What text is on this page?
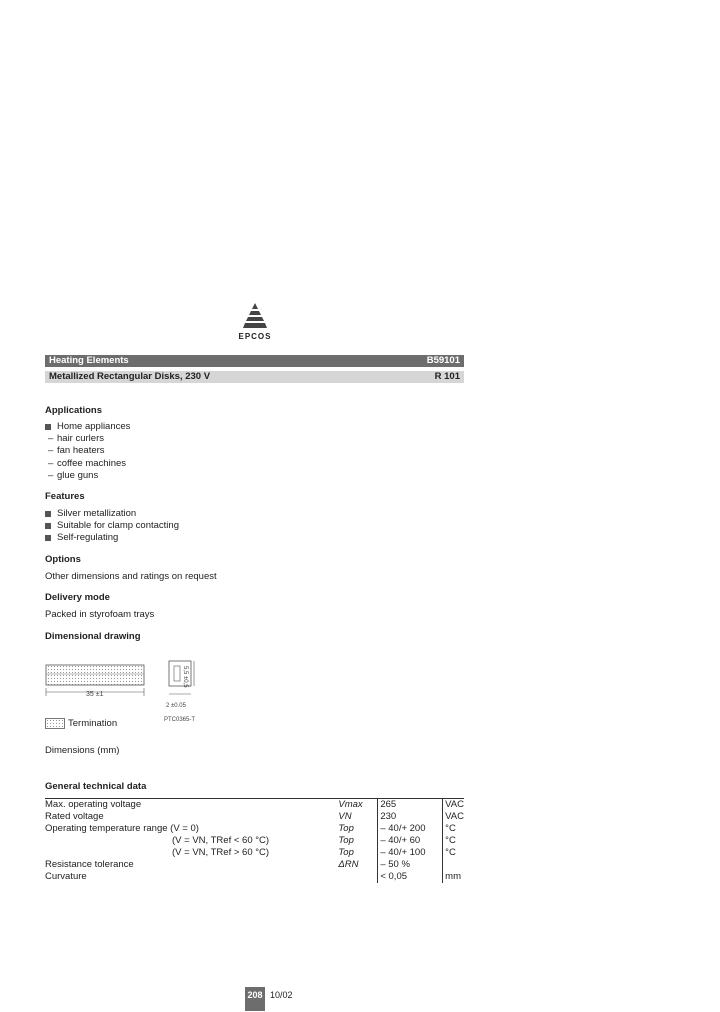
EPCOS
Heating Elements	B59101
Metallized Rectangular Disks, 230 V	R 101
Applications
Home appliances
– hair curlers
– fan heaters
– coffee machines
– glue guns
Features
Silver metallization
Suitable for clamp contacting
Self-regulating
Options
Other dimensions and ratings on request
Delivery mode
Packed in styrofoam trays
Dimensional drawing
35 ±1
5,5 ±0,5
2 ±0.05
PTC0365-T
Termination
Dimensions (mm)
General technical data
Max. operating voltage	Vmax	265	VAC
Rated voltage	VN	230	VAC
Operating temperature range (V = 0)	Top	– 40/+ 200	°C
(V = VN, TRef < 60 °C)	Top	– 40/+ 60	°C
(V = VN, TRef > 60 °C)	Top	– 40/+ 100	°C
Resistance tolerance	ΔRN	– 50 %	
Curvature		< 0,05	mm
208 10/02
